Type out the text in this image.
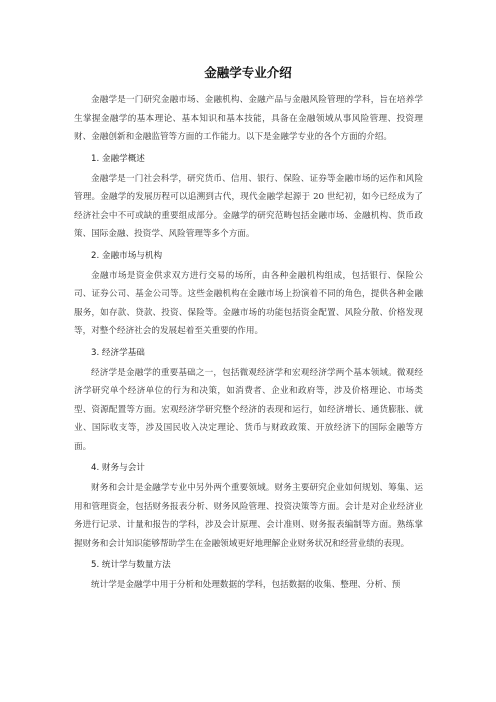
金融学专业介绍

金融学是一门研究金融市场、金融机构、金融产品与金融风险管理的学科，旨在培养学生掌握金融学的基本理论、基本知识和基本技能，具备在金融领域从事风险管理、投资理财、金融创新和金融监管等方面的工作能力。以下是金融学专业的各个方面的介绍。

1. 金融学概述

金融学是一门社会科学，研究货币、信用、银行、保险、证券等金融市场的运作和风险管理。金融学的发展历程可以追溯到古代，现代金融学起源于 20 世纪初，如今已经成为了经济社会中不可或缺的重要组成部分。金融学的研究范畴包括金融市场、金融机构、货币政策、国际金融、投资学、风险管理等多个方面。

2. 金融市场与机构

金融市场是资金供求双方进行交易的场所，由各种金融机构组成，包括银行、保险公司、证券公司、基金公司等。这些金融机构在金融市场上扮演着不同的角色，提供各种金融服务，如存款、贷款、投资、保险等。金融市场的功能包括资金配置、风险分散、价格发现等，对整个经济社会的发展起着至关重要的作用。

3. 经济学基础

经济学是金融学的重要基础之一，包括微观经济学和宏观经济学两个基本领域。微观经济学研究单个经济单位的行为和决策，如消费者、企业和政府等，涉及价格理论、市场类型、资源配置等方面。宏观经济学研究整个经济的表现和运行，如经济增长、通货膨胀、就业、国际收支等，涉及国民收入决定理论、货币与财政政策、开放经济下的国际金融等方面。

4. 财务与会计

财务和会计是金融学专业中另外两个重要领域。财务主要研究企业如何规划、筹集、运用和管理资金，包括财务报表分析、财务风险管理、投资决策等方面。会计是对企业经济业务进行记录、计量和报告的学科，涉及会计原理、会计准则、财务报表编制等方面。熟练掌握财务和会计知识能够帮助学生在金融领域更好地理解企业财务状况和经营业绩的表现。

5. 统计学与数量方法

统计学是金融学中用于分析和处理数据的学科，包括数据的收集、整理、分析、预
